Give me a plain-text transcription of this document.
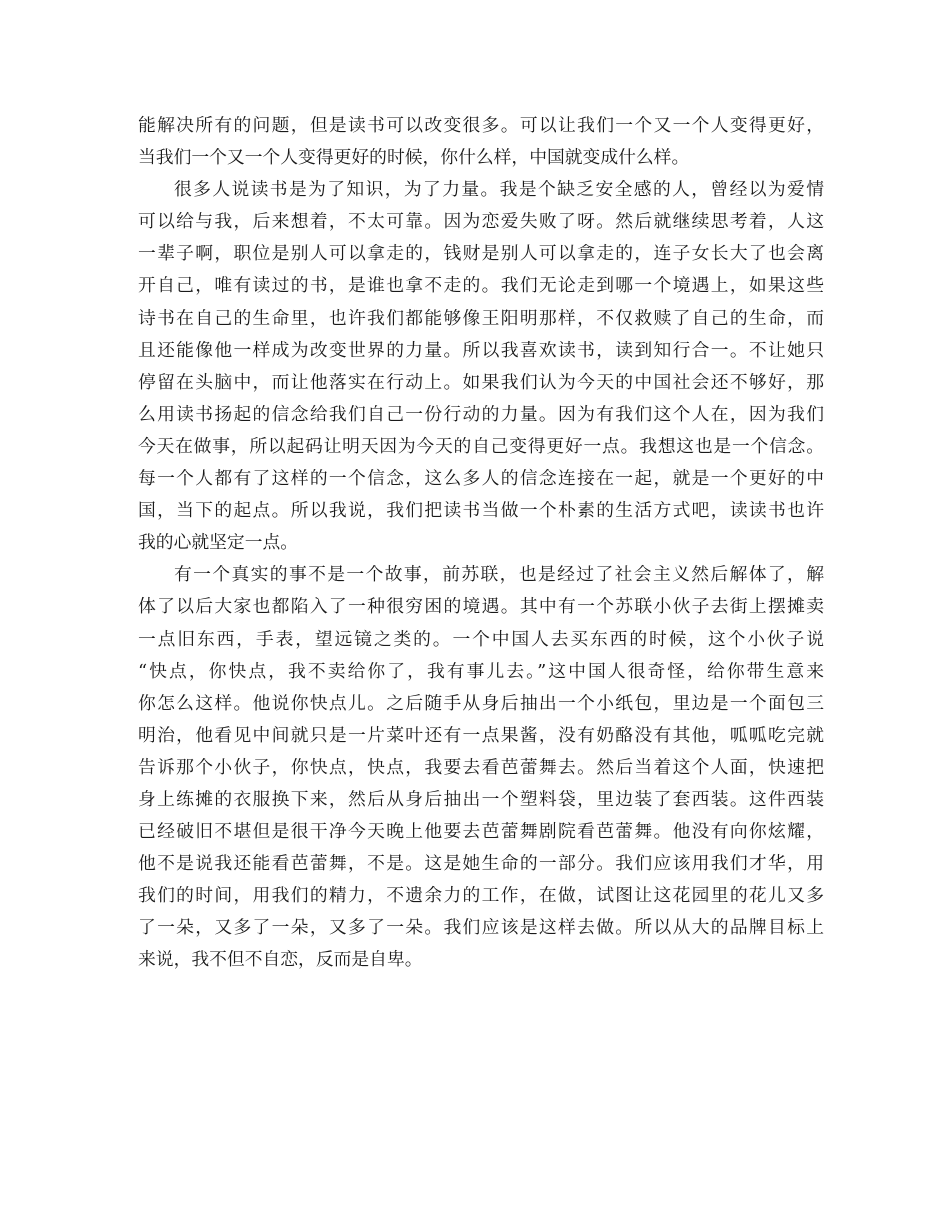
能解决所有的问题，但是读书可以改变很多。可以让我们一个又一个人变得更好，
当我们一个又一个人变得更好的时候，你什么样，中国就变成什么样。
很多人说读书是为了知识，为了力量。我是个缺乏安全感的人，曾经以为爱情
可以给与我，后来想着，不太可靠。因为恋爱失败了呀。然后就继续思考着，人这
一辈子啊，职位是别人可以拿走的，钱财是别人可以拿走的，连子女长大了也会离
开自己，唯有读过的书，是谁也拿不走的。我们无论走到哪一个境遇上，如果这些
诗书在自己的生命里，也许我们都能够像王阳明那样，不仅救赎了自己的生命，而
且还能像他一样成为改变世界的力量。所以我喜欢读书，读到知行合一。不让她只
停留在头脑中，而让他落实在行动上。如果我们认为今天的中国社会还不够好，那
么用读书扬起的信念给我们自己一份行动的力量。因为有我们这个人在，因为我们
今天在做事，所以起码让明天因为今天的自己变得更好一点。我想这也是一个信念。
每一个人都有了这样的一个信念，这么多人的信念连接在一起，就是一个更好的中
国，当下的起点。所以我说，我们把读书当做一个朴素的生活方式吧，读读书也许
我的心就坚定一点。
有一个真实的事不是一个故事，前苏联，也是经过了社会主义然后解体了，解
体了以后大家也都陷入了一种很穷困的境遇。其中有一个苏联小伙子去街上摆摊卖
一点旧东西，手表，望远镜之类的。一个中国人去买东西的时候，这个小伙子说
“快点，你快点，我不卖给你了，我有事儿去。”这中国人很奇怪，给你带生意来
你怎么这样。他说你快点儿。之后随手从身后抽出一个小纸包，里边是一个面包三
明治，他看见中间就只是一片菜叶还有一点果酱，没有奶酪没有其他，呱呱吃完就
告诉那个小伙子，你快点，快点，我要去看芭蕾舞去。然后当着这个人面，快速把
身上练摊的衣服换下来，然后从身后抽出一个塑料袋，里边装了套西装。这件西装
已经破旧不堪但是很干净今天晚上他要去芭蕾舞剧院看芭蕾舞。他没有向你炫耀，
他不是说我还能看芭蕾舞，不是。这是她生命的一部分。我们应该用我们才华，用
我们的时间，用我们的精力，不遗余力的工作，在做，试图让这花园里的花儿又多
了一朵，又多了一朵，又多了一朵。我们应该是这样去做。所以从大的品牌目标上
来说，我不但不自恋，反而是自卑。
